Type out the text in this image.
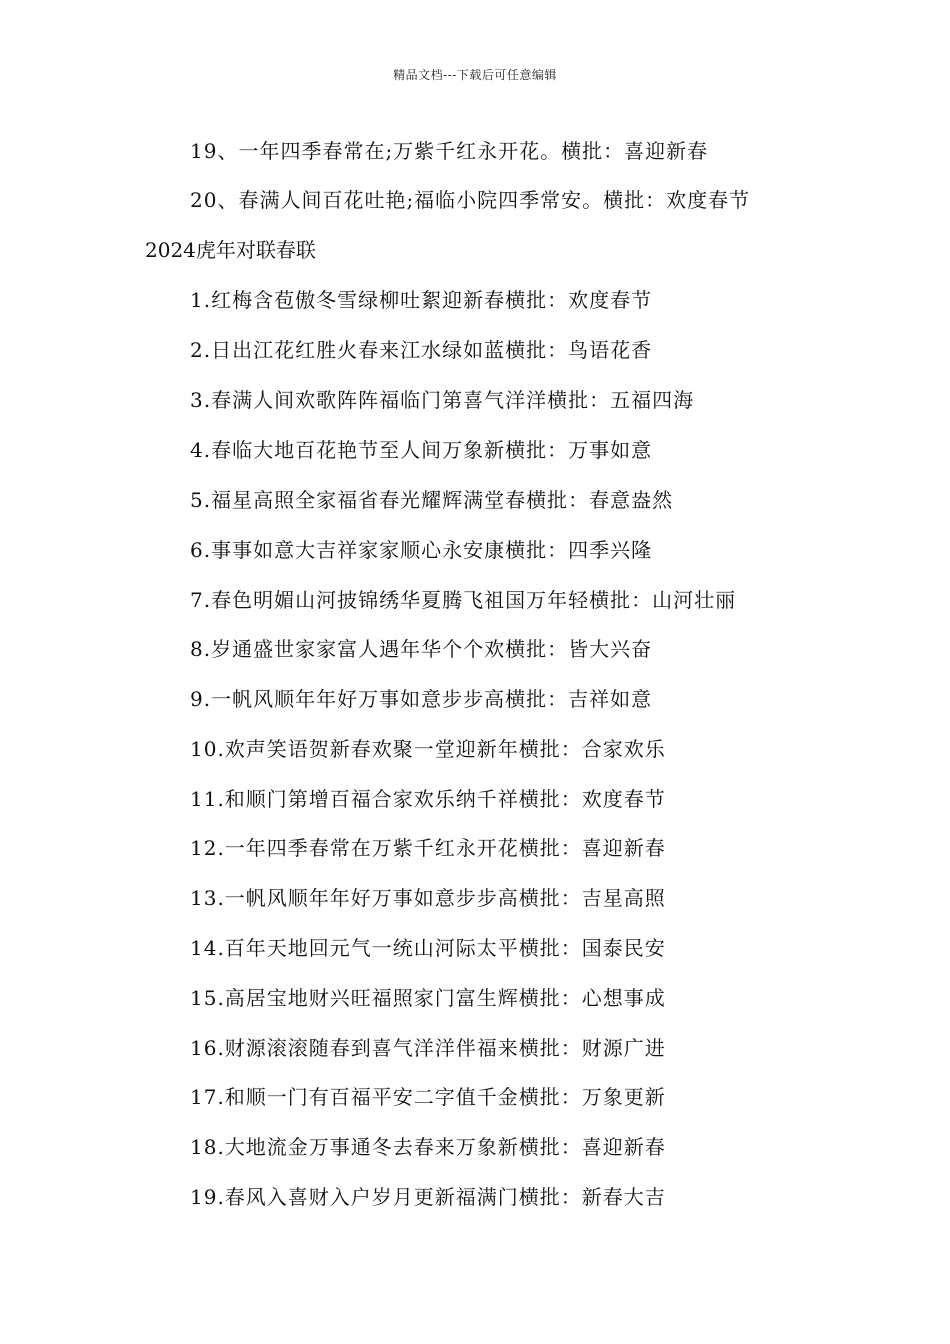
精品文档---下载后可任意编辑
19、一年四季春常在;万紫千红永开花。横批：喜迎新春
20、春满人间百花吐艳;福临小院四季常安。横批：欢度春节
2024虎年对联春联
1.红梅含苞傲冬雪绿柳吐絮迎新春横批：欢度春节
2.日出江花红胜火春来江水绿如蓝横批：鸟语花香
3.春满人间欢歌阵阵福临门第喜气洋洋横批：五福四海
4.春临大地百花艳节至人间万象新横批：万事如意
5.福星高照全家福省春光耀辉满堂春横批：春意盎然
6.事事如意大吉祥家家顺心永安康横批：四季兴隆
7.春色明媚山河披锦绣华夏腾飞祖国万年轻横批：山河壮丽
8.岁通盛世家家富人遇年华个个欢横批：皆大兴奋
9.一帆风顺年年好万事如意步步高横批：吉祥如意
10.欢声笑语贺新春欢聚一堂迎新年横批：合家欢乐
11.和顺门第增百福合家欢乐纳千祥横批：欢度春节
12.一年四季春常在万紫千红永开花横批：喜迎新春
13.一帆风顺年年好万事如意步步高横批：吉星高照
14.百年天地回元气一统山河际太平横批：国泰民安
15.高居宝地财兴旺福照家门富生辉横批：心想事成
16.财源滚滚随春到喜气洋洋伴福来横批：财源广进
17.和顺一门有百福平安二字值千金横批：万象更新
18.大地流金万事通冬去春来万象新横批：喜迎新春
19.春风入喜财入户岁月更新福满门横批：新春大吉
